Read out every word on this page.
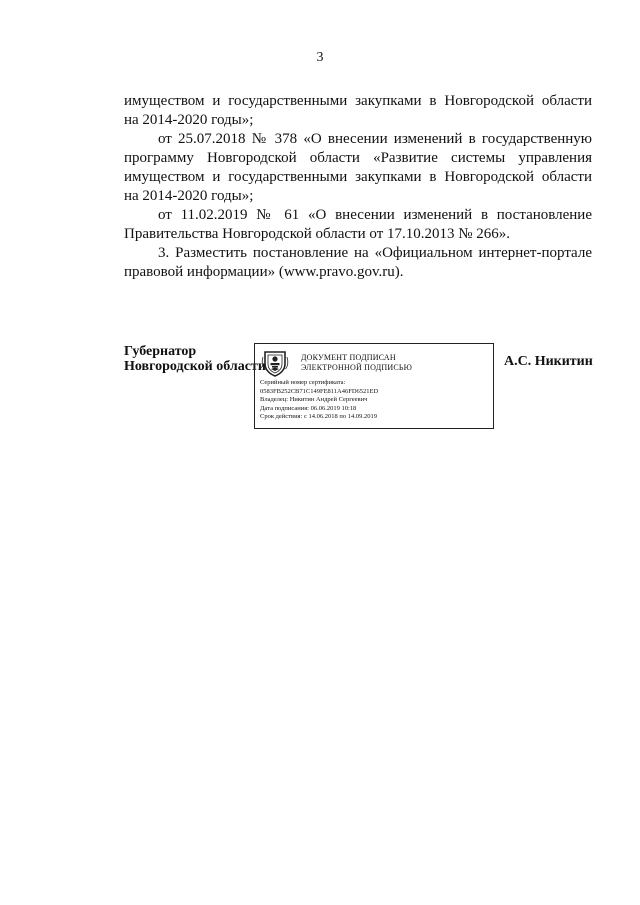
3

имуществом и государственными закупками в Новгородской области
на 2014-2020 годы»;

от 25.07.2018 № 378 «О внесении изменений в государственную
программу Новгородской области «Развитие системы управления
имуществом и государственными закупками в Новгородской области
на 2014-2020 годы»;

от 11.02.2019 № 61 «О внесении изменений в постановление
Правительства Новгородской области от 17.10.2013 № 266».

3. Разместить постановление на «Официальном интернет-портале
правовой информации» (www.pravo.gov.ru).

Губернатор
Новгородской области
ДОКУМЕНТ ПОДПИСАН
ЭЛЕКТРОННОЙ ПОДПИСЬЮ
Серийный номер сертификата:
0583FB252CB71C149FE811A46FD6521ED
Владелец: Никитин Андрей Сергеевич
Дата подписания: 06.06.2019 10:18
Срок действия: с 14.06.2018 по 14.09.2019
А.С. Никитин
